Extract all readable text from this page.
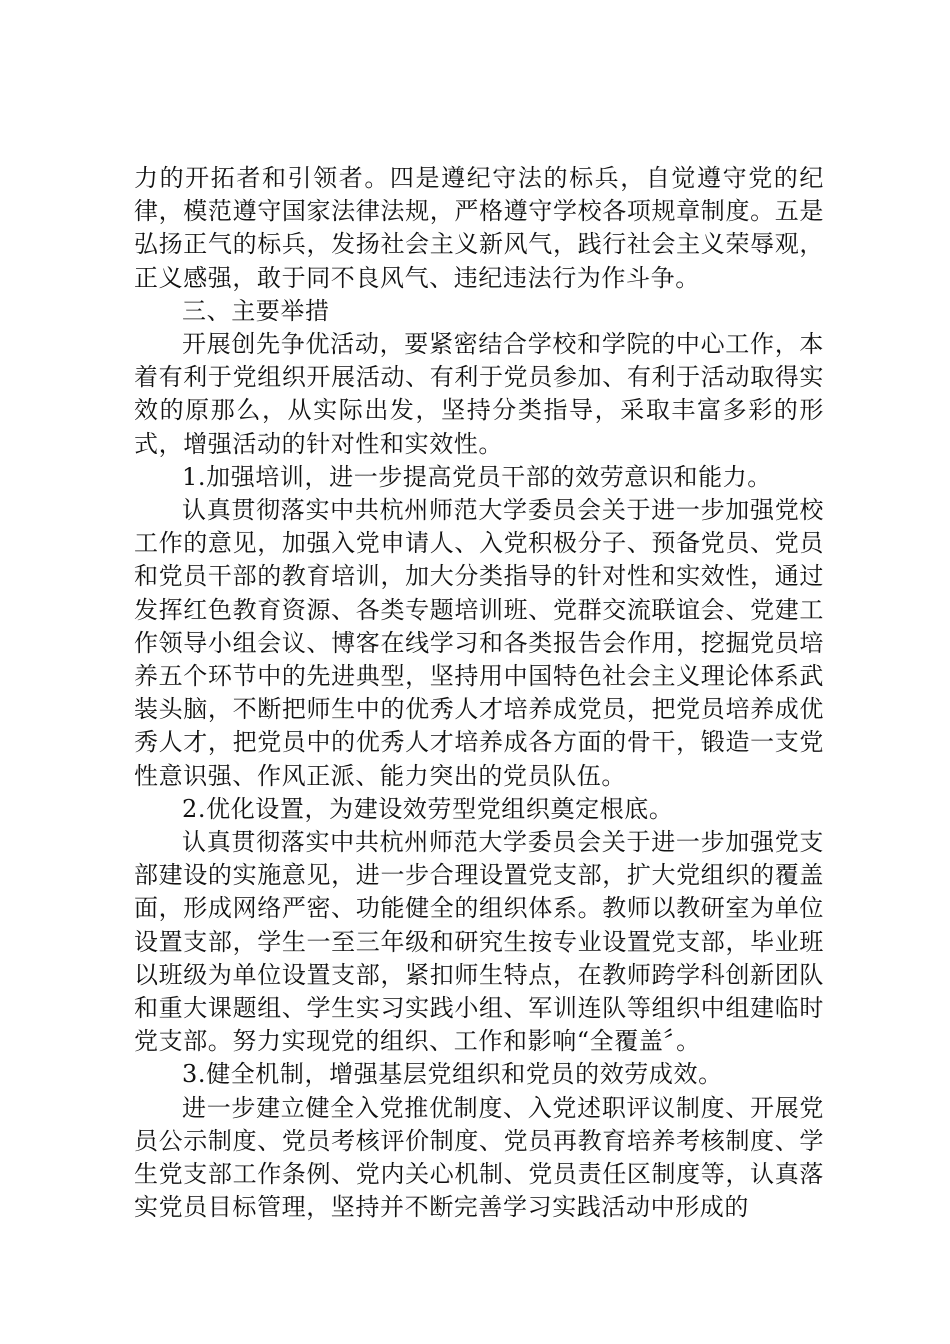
力的开拓者和引领者。四是遵纪守法的标兵，自觉遵守党的纪律，模范遵守国家法律法规，严格遵守学校各项规章制度。五是弘扬正气的标兵，发扬社会主义新风气，践行社会主义荣辱观，正义感强，敢于同不良风气、违纪违法行为作斗争。

三、主要举措

开展创先争优活动，要紧密结合学校和学院的中心工作，本着有利于党组织开展活动、有利于党员参加、有利于活动取得实效的原那么，从实际出发，坚持分类指导，采取丰富多彩的形式，增强活动的针对性和实效性。

1.加强培训，进一步提高党员干部的效劳意识和能力。

认真贯彻落实中共杭州师范大学委员会关于进一步加强党校工作的意见，加强入党申请人、入党积极分子、预备党员、党员和党员干部的教育培训，加大分类指导的针对性和实效性，通过发挥红色教育资源、各类专题培训班、党群交流联谊会、党建工作领导小组会议、博客在线学习和各类报告会作用，挖掘党员培养五个环节中的先进典型，坚持用中国特色社会主义理论体系武装头脑，不断把师生中的优秀人才培养成党员，把党员培养成优秀人才，把党员中的优秀人才培养成各方面的骨干，锻造一支党性意识强、作风正派、能力突出的党员队伍。

2.优化设置，为建设效劳型党组织奠定根底。

认真贯彻落实中共杭州师范大学委员会关于进一步加强党支部建设的实施意见，进一步合理设置党支部，扩大党组织的覆盖面，形成网络严密、功能健全的组织体系。教师以教研室为单位设置支部，学生一至三年级和研究生按专业设置党支部，毕业班以班级为单位设置支部，紧扣师生特点，在教师跨学科创新团队和重大课题组、学生实习实践小组、军训连队等组织中组建临时党支部。努力实现党的组织、工作和影响“全覆盖〞。

3.健全机制，增强基层党组织和党员的效劳成效。

进一步建立健全入党推优制度、入党述职评议制度、开展党员公示制度、党员考核评价制度、党员再教育培养考核制度、学生党支部工作条例、党内关心机制、党员责任区制度等，认真落实党员目标管理，坚持并不断完善学习实践活动中形成的
